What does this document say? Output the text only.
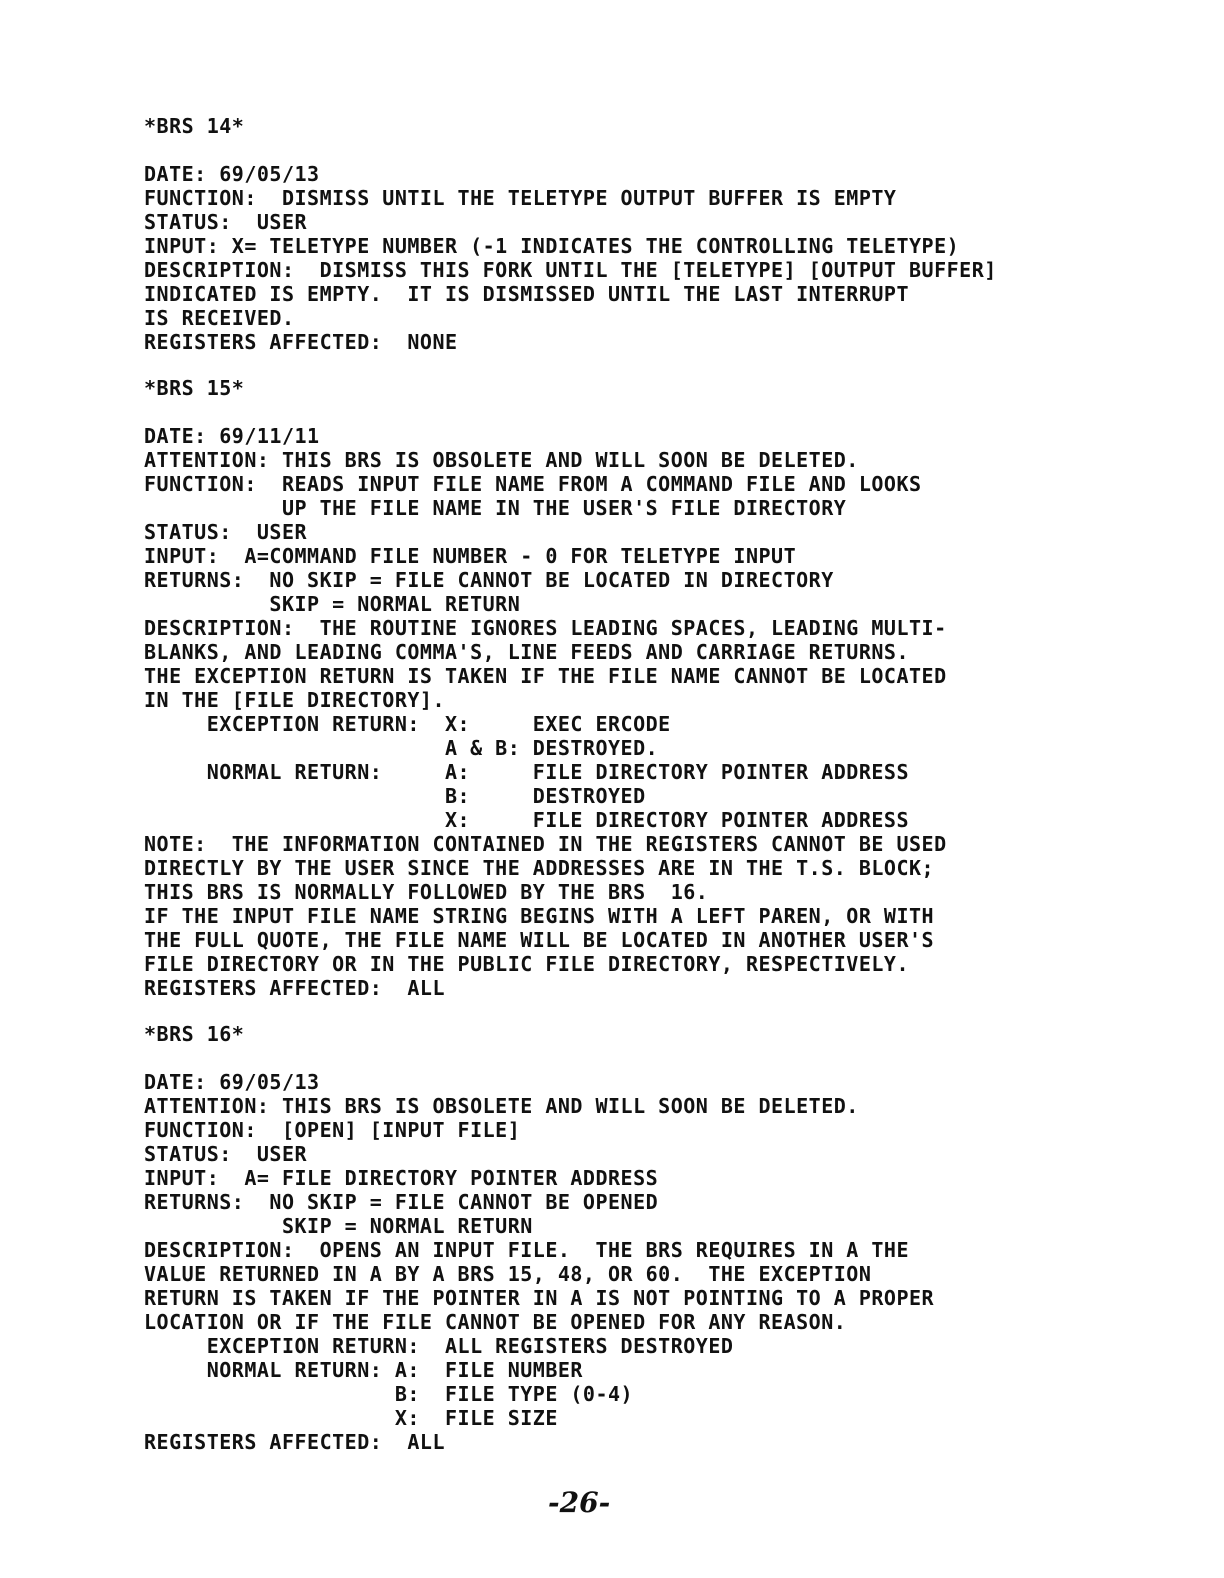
*BRS 14*
DATE: 69/05/13
FUNCTION:  DISMISS UNTIL THE TELETYPE OUTPUT BUFFER IS EMPTY
STATUS:  USER
INPUT: X= TELETYPE NUMBER (-1 INDICATES THE CONTROLLING TELETYPE)
DESCRIPTION:  DISMISS THIS FORK UNTIL THE [TELETYPE] [OUTPUT BUFFER]
INDICATED IS EMPTY.  IT IS DISMISSED UNTIL THE LAST INTERRUPT
IS RECEIVED.
REGISTERS AFFECTED:  NONE
*BRS 15*
DATE: 69/11/11
ATTENTION: THIS BRS IS OBSOLETE AND WILL SOON BE DELETED.
FUNCTION:  READS INPUT FILE NAME FROM A COMMAND FILE AND LOOKS
UP THE FILE NAME IN THE USER'S FILE DIRECTORY
STATUS:  USER
INPUT:  A=COMMAND FILE NUMBER - 0 FOR TELETYPE INPUT
RETURNS:  NO SKIP = FILE CANNOT BE LOCATED IN DIRECTORY
SKIP = NORMAL RETURN
DESCRIPTION:  THE ROUTINE IGNORES LEADING SPACES, LEADING MULTI-
BLANKS, AND LEADING COMMA'S, LINE FEEDS AND CARRIAGE RETURNS.
THE EXCEPTION RETURN IS TAKEN IF THE FILE NAME CANNOT BE LOCATED
IN THE [FILE DIRECTORY].
EXCEPTION RETURN:  X:     EXEC ERCODE
A & B: DESTROYED.
NORMAL RETURN:     A:     FILE DIRECTORY POINTER ADDRESS
B:     DESTROYED
X:     FILE DIRECTORY POINTER ADDRESS
NOTE:  THE INFORMATION CONTAINED IN THE REGISTERS CANNOT BE USED
DIRECTLY BY THE USER SINCE THE ADDRESSES ARE IN THE T.S. BLOCK;
THIS BRS IS NORMALLY FOLLOWED BY THE BRS  16.
IF THE INPUT FILE NAME STRING BEGINS WITH A LEFT PAREN, OR WITH
THE FULL QUOTE, THE FILE NAME WILL BE LOCATED IN ANOTHER USER'S
FILE DIRECTORY OR IN THE PUBLIC FILE DIRECTORY, RESPECTIVELY.
REGISTERS AFFECTED:  ALL
*BRS 16*
DATE: 69/05/13
ATTENTION: THIS BRS IS OBSOLETE AND WILL SOON BE DELETED.
FUNCTION:  [OPEN] [INPUT FILE]
STATUS:  USER
INPUT:  A= FILE DIRECTORY POINTER ADDRESS
RETURNS:  NO SKIP = FILE CANNOT BE OPENED
SKIP = NORMAL RETURN
DESCRIPTION:  OPENS AN INPUT FILE.  THE BRS REQUIRES IN A THE
VALUE RETURNED IN A BY A BRS 15, 48, OR 60.  THE EXCEPTION
RETURN IS TAKEN IF THE POINTER IN A IS NOT POINTING TO A PROPER
LOCATION OR IF THE FILE CANNOT BE OPENED FOR ANY REASON.
EXCEPTION RETURN:  ALL REGISTERS DESTROYED
NORMAL RETURN: A:  FILE NUMBER
B:  FILE TYPE (0-4)
X:  FILE SIZE
REGISTERS AFFECTED:  ALL
-26-
